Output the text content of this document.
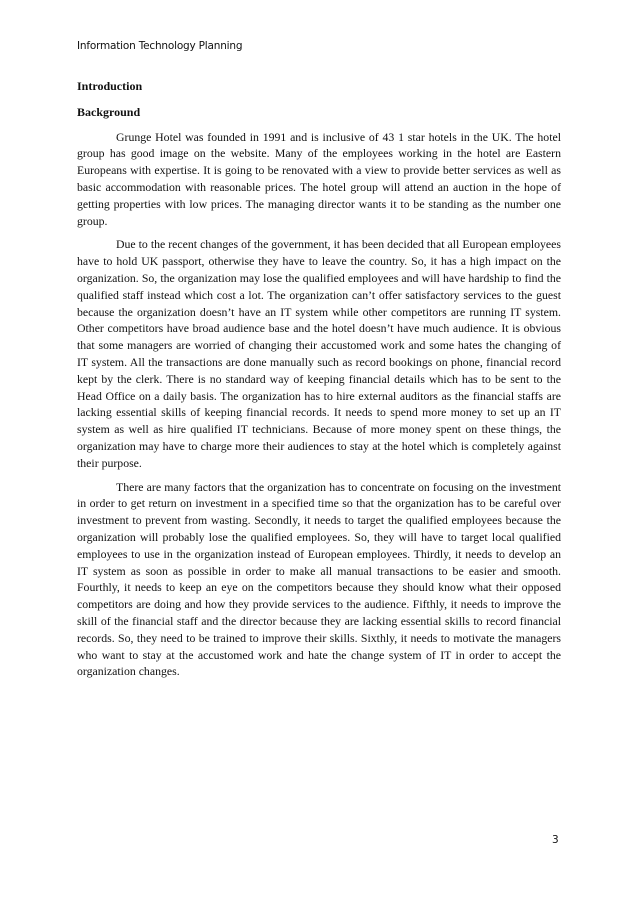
Information Technology Planning

Introduction

Background

Grunge Hotel was founded in 1991 and is inclusive of 43 1 star hotels in the UK. The hotel group has good image on the website. Many of the employees working in the hotel are Eastern Europeans with expertise. It is going to be renovated with a view to provide better services as well as basic accommodation with reasonable prices. The hotel group will attend an auction in the hope of getting properties with low prices. The managing director wants it to be standing as the number one group.

Due to the recent changes of the government, it has been decided that all European employees have to hold UK passport, otherwise they have to leave the country. So, it has a high impact on the organization. So, the organization may lose the qualified employees and will have hardship to find the qualified staff instead which cost a lot. The organization can’t offer satisfactory services to the guest because the organization doesn’t have an IT system while other competitors are running IT system. Other competitors have broad audience base and the hotel doesn’t have much audience. It is obvious that some managers are worried of changing their accustomed work and some hates the changing of IT system. All the transactions are done manually such as record bookings on phone, financial record kept by the clerk. There is no standard way of keeping financial details which has to be sent to the Head Office on a daily basis. The organization has to hire external auditors as the financial staffs are lacking essential skills of keeping financial records. It needs to spend more money to set up an IT system as well as hire qualified IT technicians. Because of more money spent on these things, the organization may have to charge more their audiences to stay at the hotel which is completely against their purpose.

There are many factors that the organization has to concentrate on focusing on the investment in order to get return on investment in a specified time so that the organization has to be careful over investment to prevent from wasting. Secondly, it needs to target the qualified employees because the organization will probably lose the qualified employees. So, they will have to target local qualified employees to use in the organization instead of European employees. Thirdly, it needs to develop an IT system as soon as possible in order to make all manual transactions to be easier and smooth. Fourthly, it needs to keep an eye on the competitors because they should know what their opposed competitors are doing and how they provide services to the audience. Fifthly, it needs to improve the skill of the financial staff and the director because they are lacking essential skills to record financial records. So, they need to be trained to improve their skills. Sixthly, it needs to motivate the managers who want to stay at the accustomed work and hate the change system of IT in order to accept the organization changes.

3
